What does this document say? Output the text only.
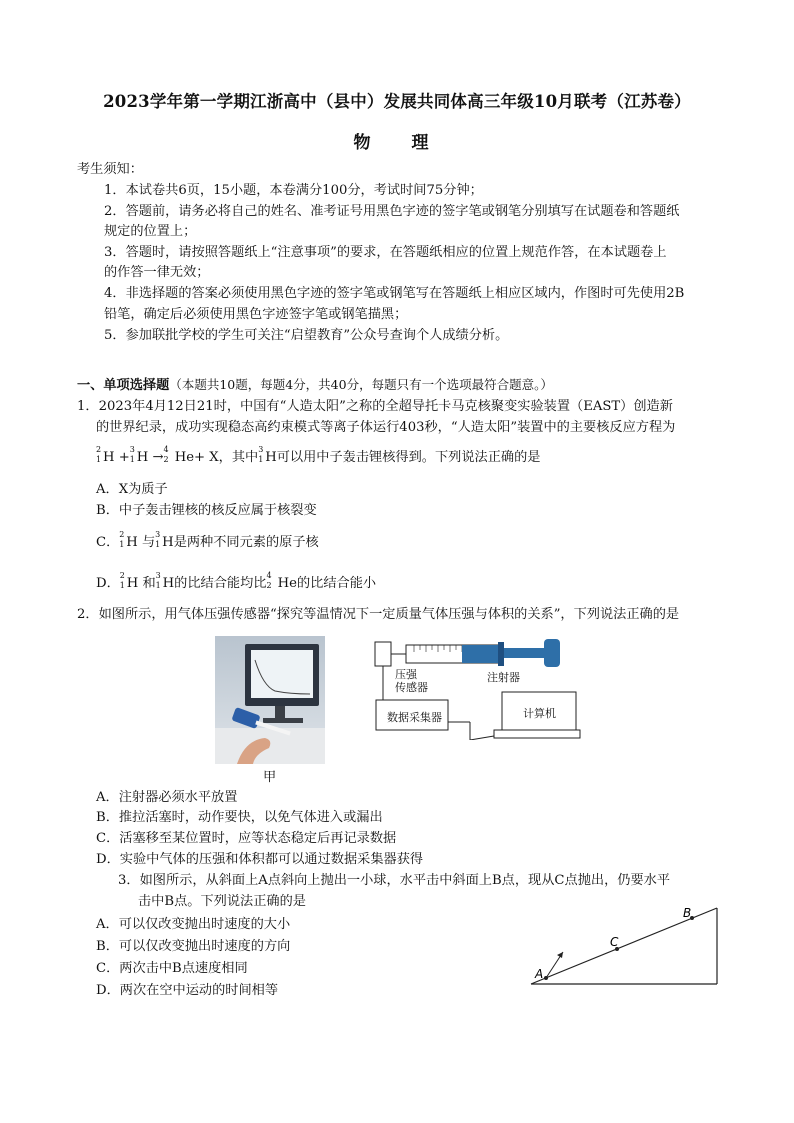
2023学年第一学期江浙高中（县中）发展共同体高三年级10月联考（江苏卷）
物　理
考生须知：
1．本试卷共6页，15小题，本卷满分100分，考试时间75分钟；
2．答题前，请务必将自己的姓名、准考证号用黑色字迹的签字笔或钢笔分别填写在试题卷和答题纸
规定的位置上；
3．答题时，请按照答题纸上“注意事项”的要求，在答题纸相应的位置上规范作答，在本试题卷上
的作答一律无效；
4．非选择题的答案必须使用黑色字迹的签字笔或钢笔写在答题纸上相应区域内，作图时可先使用2B
铅笔，确定后必须使用黑色字迹签字笔或钢笔描黑；
5．参加联批学校的学生可关注“启望教育”公众号查询个人成绩分析。
一、单项选择题（本题共10题，每题4分，共40分，每题只有一个选项最符合题意。）
1．2023年4月12日21时，中国有“人造太阳”之称的全超导托卡马克核聚变实验装置（EAST）创造新
的世界纪录，成功实现稳态高约束模式等离子体运行403秒，“人造太阳”装置中的主要核反应方程为
2
1 H +
3
1 H →
4
2 He+ X，其中
3
1 H可以用中子轰击锂核得到。下列说法正确的是
A．X为质子
B．中子轰击锂核的核反应属于核裂变
C．
2
1 H 与
3
1 H是两种不同元素的原子核
D．
2
1 H 和
3
1 H的比结合能均比
4
2 He的比结合能小
2．如图所示，用气体压强传感器“探究等温情况下一定质量气体压强与体积的关系”，下列说法正确的是
甲
压强
传感器
注射器
数据采集器	计算机
A．注射器必须水平放置
B．推拉活塞时，动作要快，以免气体进入或漏出
C．活塞移至某位置时，应等状态稳定后再记录数据
D．实验中气体的压强和体积都可以通过数据采集器获得
3．如图所示，从斜面上A点斜向上抛出一小球，水平击中斜面上B点，现从C点抛出，仍要水平
击中B点。下列说法正确的是
A．可以仅改变抛出时速度的大小
B．可以仅改变抛出时速度的方向
C．两次击中B点速度相同
D．两次在空中运动的时间相等
A
C
B
